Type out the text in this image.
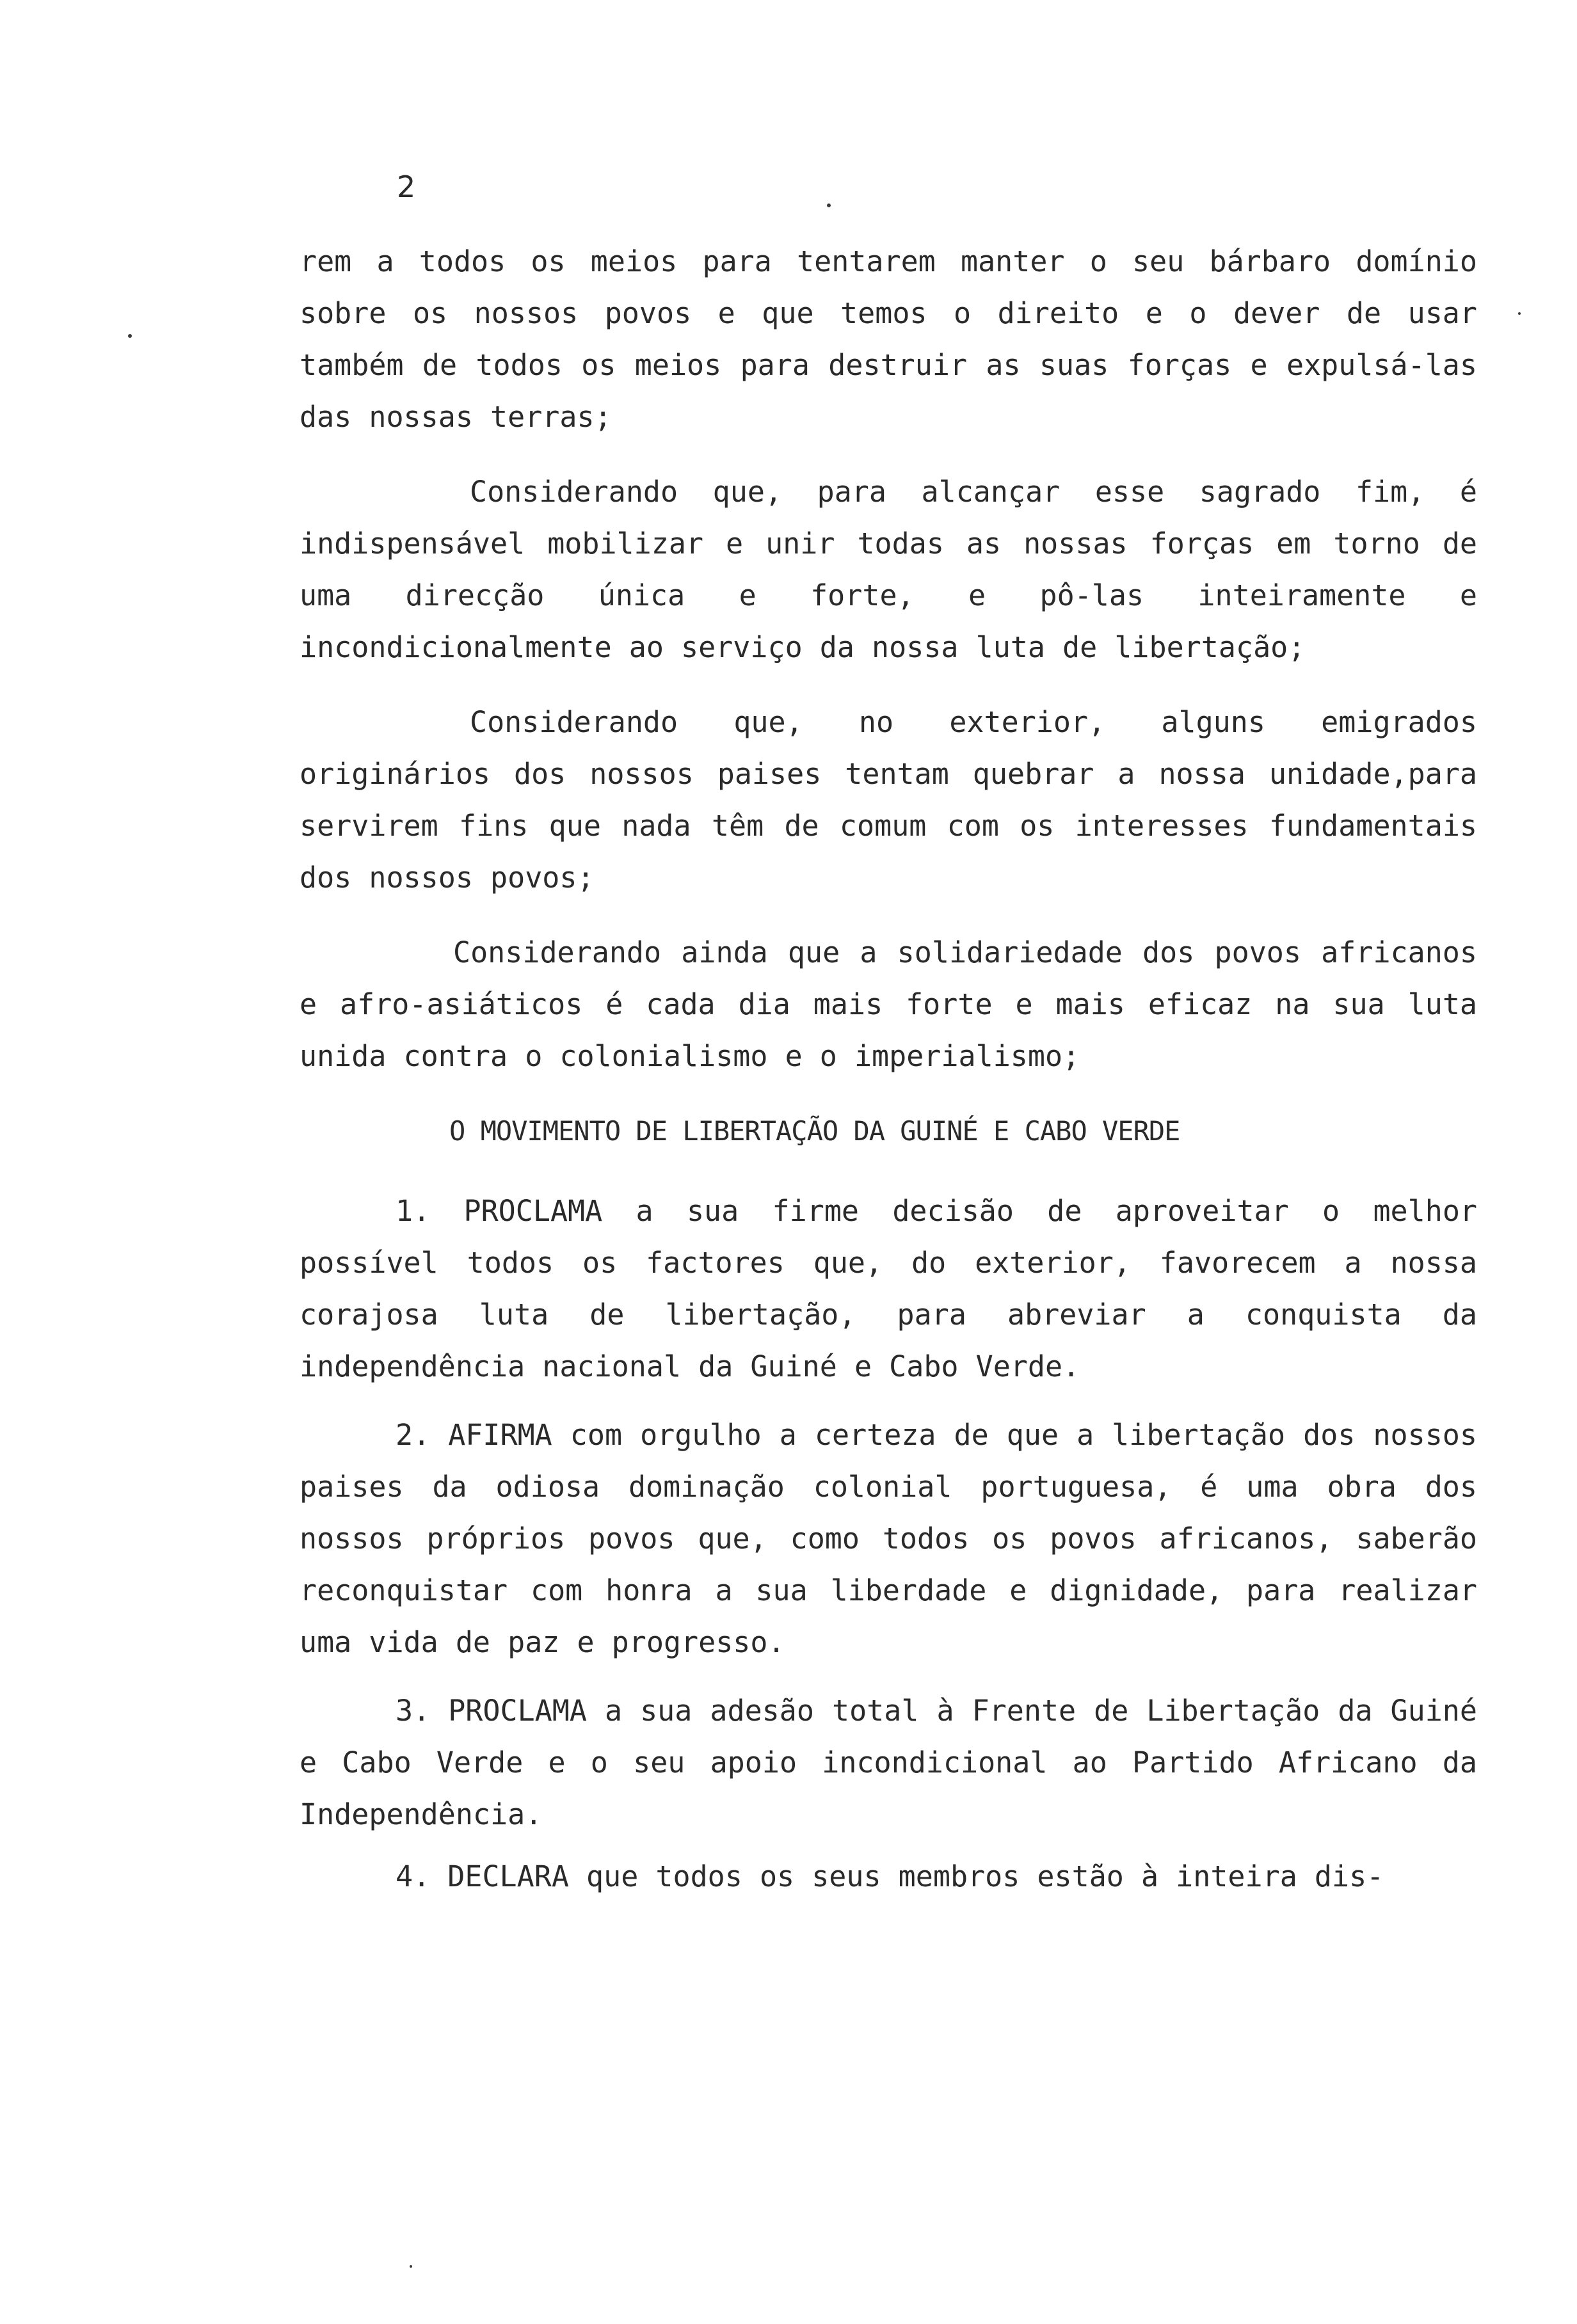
2

rem a todos os meios para tentarem manter o seu bárbaro domínio sobre os nossos povos e que temos o direito e o dever de usar também de todos os meios para destruir as suas forças e expulsá-las das nossas terras;

Considerando que, para alcançar esse sagrado fim, é indispensável mobilizar e unir todas as nossas forças em torno de uma direcção única e forte, e pô-las inteiramente e incondicionalmente ao serviço da nossa luta de libertação;

Considerando que, no exterior, alguns emigrados originários dos nossos paises tentam quebrar a nossa unidade,para servirem fins que nada têm de comum com os interesses fundamentais dos nossos povos;

Considerando ainda que a solidariedade dos povos africanos e afro-asiáticos é cada dia mais forte e mais eficaz na sua luta unida contra o colonialismo e o imperialismo;

O MOVIMENTO DE LIBERTAÇÃO DA GUINÉ E CABO VERDE

1. PROCLAMA a sua firme decisão de aproveitar o melhor possível todos os factores que, do exterior, favorecem a nossa corajosa luta de libertação, para abreviar a conquista da independência nacional da Guiné e Cabo Verde.

2. AFIRMA com orgulho a certeza de que a libertação dos nossos paises da odiosa dominação colonial portuguesa, é uma obra dos nossos próprios povos que, como todos os povos africanos, saberão reconquistar com honra a sua liberdade e dignidade, para realizar uma vida de paz e progresso.

3. PROCLAMA a sua adesão total à Frente de Libertação da Guiné e Cabo Verde e o seu apoio incondicional ao Partido Africano da Independência.

4. DECLARA que todos os seus membros estão à inteira dis-
